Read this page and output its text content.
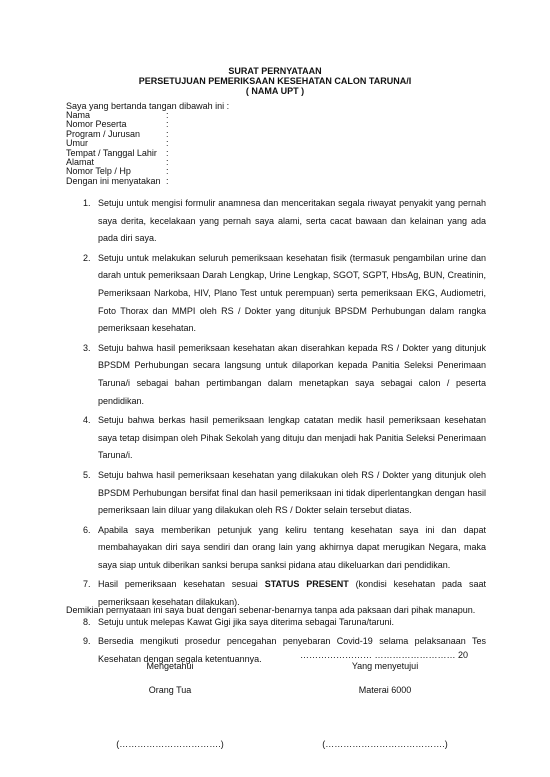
SURAT PERNYATAAN
PERSETUJUAN PEMERIKSAAN KESEHATAN CALON TARUNA/I
( NAMA UPT )
Saya yang bertanda tangan dibawah ini :
Nama	:
Nomor Peserta	:
Program / Jurusan	:
Umur	:
Tempat / Tanggal Lahir :
Alamat	:
Nomor Telp / Hp	:
Dengan ini menyatakan :
1. Setuju untuk mengisi formulir anamnesa dan menceritakan segala riwayat penyakit yang pernah saya derita, kecelakaan yang pernah saya alami, serta cacat bawaan dan kelainan yang ada pada diri saya.
2. Setuju untuk melakukan seluruh pemeriksaan kesehatan fisik (termasuk pengambilan urine dan darah untuk pemeriksaan Darah Lengkap, Urine Lengkap, SGOT, SGPT, HbsAg, BUN, Creatinin, Pemeriksaan Narkoba, HIV, Plano Test untuk perempuan) serta pemeriksaan EKG, Audiometri, Foto Thorax dan MMPI oleh RS / Dokter yang ditunjuk BPSDM Perhubungan dalam rangka pemeriksaan kesehatan.
3. Setuju bahwa hasil pemeriksaan kesehatan akan diserahkan kepada RS / Dokter yang ditunjuk BPSDM Perhubungan secara langsung untuk dilaporkan kepada Panitia Seleksi Penerimaan Taruna/i sebagai bahan pertimbangan dalam menetapkan saya sebagai calon / peserta pendidikan.
4. Setuju bahwa berkas hasil pemeriksaan lengkap catatan medik hasil pemeriksaan kesehatan saya tetap disimpan oleh Pihak Sekolah yang dituju dan menjadi hak Panitia Seleksi Penerimaan Taruna/i.
5. Setuju bahwa hasil pemeriksaan kesehatan yang dilakukan oleh RS / Dokter yang ditunjuk oleh BPSDM Perhubungan bersifat final dan hasil pemeriksaan ini tidak diperlentangkan dengan hasil pemeriksaan lain diluar yang dilakukan oleh RS / Dokter selain tersebut diatas.
6. Apabila saya memberikan petunjuk yang keliru tentang kesehatan saya ini dan dapat membahayakan diri saya sendiri dan orang lain yang akhirnya dapat merugikan Negara, maka saya siap untuk diberikan sanksi berupa sanksi pidana atau dikeluarkan dari pendidikan.
7. Hasil pemeriksaan kesehatan sesuai STATUS PRESENT (kondisi kesehatan pada saat pemeriksaan kesehatan dilakukan).
8. Setuju untuk melepas Kawat Gigi jika saya diterima sebagai Taruna/taruni.
9. Bersedia mengikuti prosedur pencegahan penyebaran Covid-19 selama pelaksanaan Tes Kesehatan dengan segala ketentuannya.
Demikian pernyataan ini saya buat dengan sebenar-benarnya tanpa ada paksaan dari pihak manapun.
…………………… ……………………… 20
Mengetahui	Yang menyetujui
Orang Tua	Materai 6000
(…………………………….)	(………………………………….)
